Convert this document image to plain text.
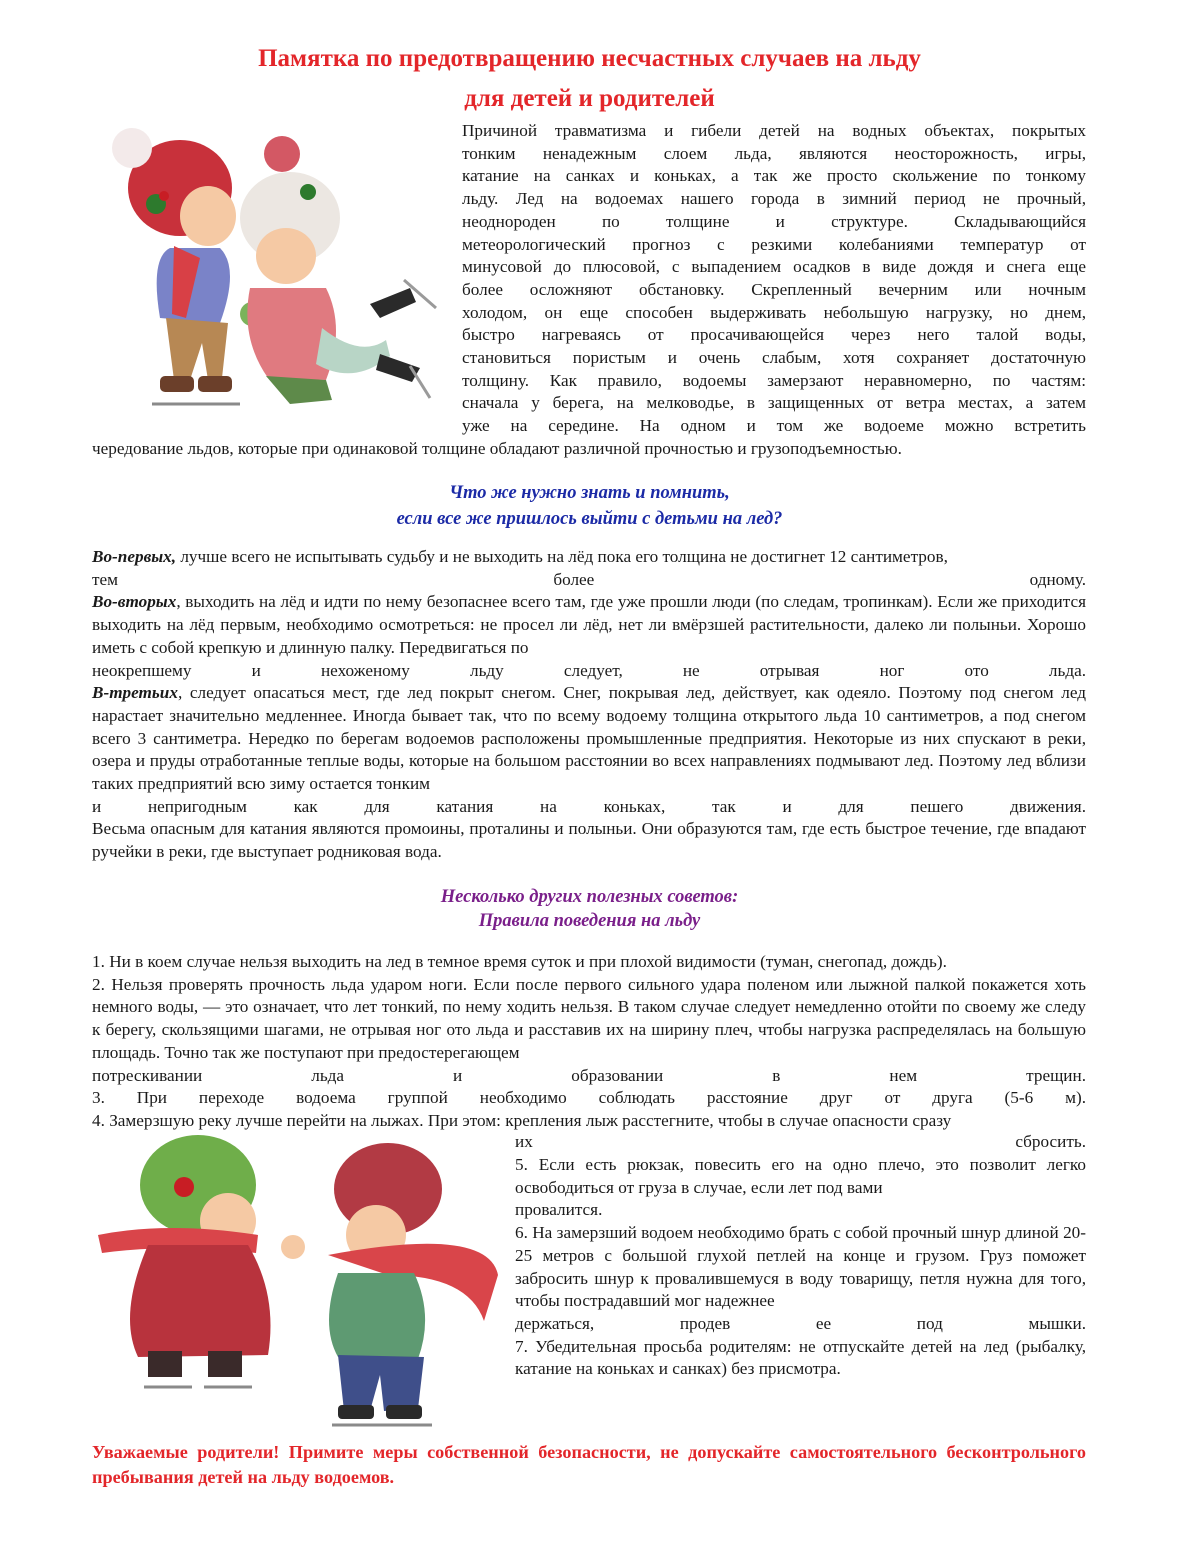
Памятка по предотвращению несчастных случаев на льду
для детей и родителей
Причиной травматизма и гибели детей на водных объектах, покрытых
тонким ненадежным слоем льда, являются неосторожность, игры,
катание на санках и коньках, а так же просто скольжение по тонкому
льду. Лед на водоемах нашего города в зимний период не прочный,
неоднороден по толщине и структуре. Складывающийся
метеорологический прогноз с резкими колебаниями температур от
минусовой до плюсовой, с выпадением осадков в виде дождя и снега еще
более осложняют обстановку. Скрепленный вечерним или ночным
холодом, он еще способен выдерживать небольшую нагрузку, но днем,
быстро нагреваясь от просачивающейся через него талой воды,
становиться пористым и очень слабым, хотя сохраняет достаточную
толщину. Как правило, водоемы замерзают неравномерно, по частям:
сначала у берега, на мелководье, в защищенных от ветра местах, а затем
уже на середине. На одном и том же водоеме можно встретить
чередование льдов, которые при одинаковой толщине обладают различной прочностью и грузоподъемностью.
Что же нужно знать и помнить,
если все же пришлось выйти с детьми на лед?
Во-первых, лучше всего не испытывать судьбу и не выходить на лёд пока его толщина не достигнет 12 сантиметров,
тем более одному.
Во-вторых, выходить на лёд и идти по нему безопаснее всего там, где уже прошли люди (по следам, тропинкам). Если же приходится выходить на лёд первым, необходимо осмотреться: не просел ли лёд, нет ли вмёрзшей растительности, далеко ли полыньи. Хорошо иметь с собой крепкую и длинную палку. Передвигаться по
неокрепшему и нехоженому льду следует, не отрывая ног ото льда.
В-третьих, следует опасаться мест, где лед покрыт снегом. Снег, покрывая лед, действует, как одеяло. Поэтому под снегом лед нарастает значительно медленнее. Иногда бывает так, что по всему водоему толщина открытого льда 10 сантиметров, а под снегом всего 3 сантиметра. Нередко по берегам водоемов расположены промышленные предприятия. Некоторые из них спускают в реки, озера и пруды отработанные теплые воды, которые на большом расстоянии во всех направлениях подмывают лед. Поэтому лед вблизи таких предприятий всю зиму остается тонким
и непригодным как для катания на коньках, так и для пешего движения.
Весьма опасным для катания являются промоины, проталины и полыньи. Они образуются там, где есть быстрое течение, где впадают ручейки в реки, где выступает родниковая вода.
Несколько других полезных советов:
Правила поведения на льду
1. Ни в коем случае нельзя выходить на лед в темное время суток и при плохой видимости (туман, снегопад, дождь).
2. Нельзя проверять прочность льда ударом ноги. Если после первого сильного удара поленом или лыжной палкой покажется хоть немного воды, — это означает, что лет тонкий, по нему ходить нельзя. В таком случае следует немедленно отойти по своему же следу к берегу, скользящими шагами, не отрывая ног ото льда и расставив их на ширину плеч, чтобы нагрузка распределялась на большую площадь. Точно так же поступают при предостерегающем
потрескивании льда и образовании в нем трещин.
3. При переходе водоема группой необходимо соблюдать расстояние друг от друга (5-6 м).
4. Замерзшую реку лучше перейти на лыжах. При этом: крепления лыж расстегните, чтобы в случае опасности сразу
их сбросить.
5. Если есть рюкзак, повесить его на одно плечо, это позволит легко освободиться от груза в случае, если лет под вами
провалится.
6. На замерзший водоем необходимо брать с собой прочный шнур длиной 20-25 метров с большой глухой петлей на конце и грузом. Груз поможет забросить шнур к провалившемуся в воду товарищу, петля нужна для того, чтобы пострадавший мог надежнее
держаться, продев ее под мышки.
7. Убедительная просьба родителям: не отпускайте детей на лед (рыбалку, катание на коньках и санках) без присмотра.
Уважаемые родители! Примите меры собственной безопасности, не допускайте самостоятельного бесконтрольного пребывания детей на льду водоемов.
